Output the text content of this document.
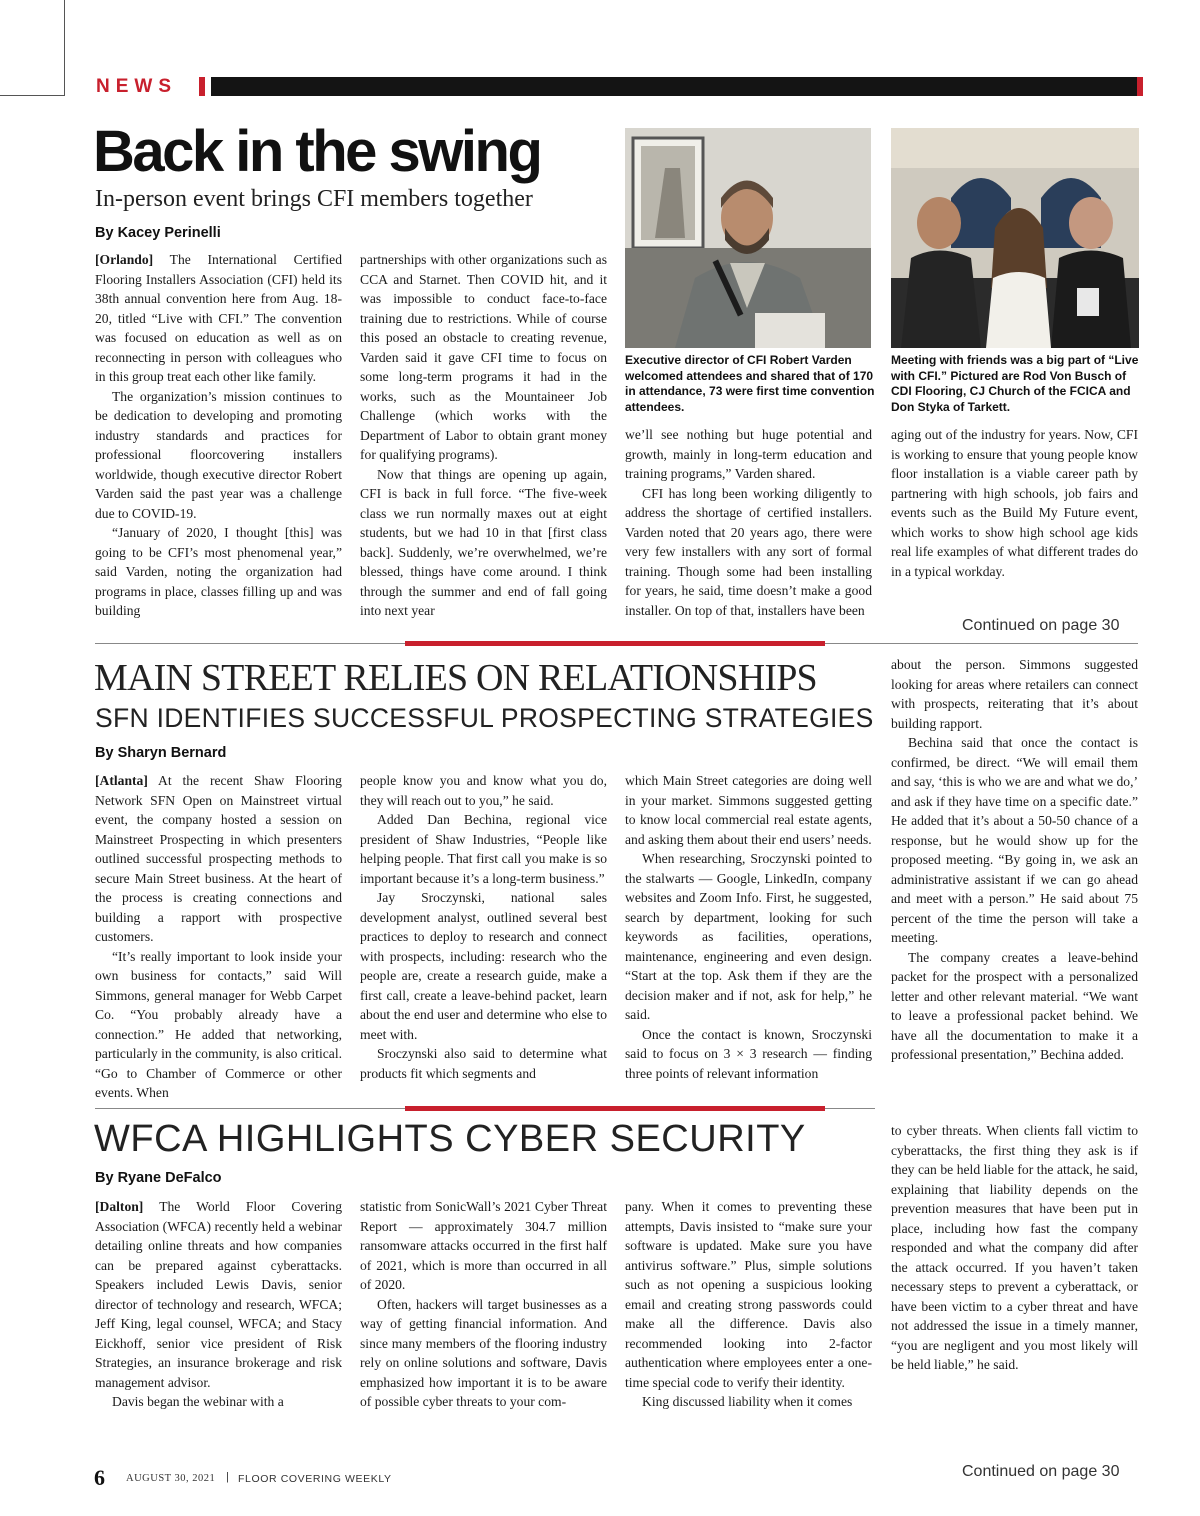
NEWS
Back in the swing
In-person event brings CFI members together
By Kacey Perinelli

[Orlando] The International Certified Flooring Installers Association (CFI) held its 38th annual convention here from Aug. 18-20, titled “Live with CFI.” The convention was focused on education as well as on reconnecting in person with colleagues who in this group treat each other like family.

The organization’s mission continues to be dedication to developing and promoting industry standards and practices for professional floorcovering installers worldwide, though executive director Robert Varden said the past year was a challenge due to COVID-19.

“January of 2020, I thought [this] was going to be CFI’s most phenomenal year,” said Varden, noting the organization had programs in place, classes filling up and was building

partnerships with other organizations such as CCA and Starnet. Then COVID hit, and it was impossible to conduct face-to-face training due to restrictions. While of course this posed an obstacle to creating revenue, Varden said it gave CFI time to focus on some long-term programs it had in the works, such as the Mountaineer Job Challenge (which works with the Department of Labor to obtain grant money for qualifying programs).

Now that things are opening up again, CFI is back in full force. “The five-week class we run normally maxes out at eight students, but we had 10 in that [first class back]. Suddenly, we’re overwhelmed, we’re blessed, things have come around. I think through the summer and end of fall going into next year

Executive director of CFI Robert Varden welcomed attendees and shared that of 170 in attendance, 73 were first time convention attendees.
Meeting with friends was a big part of “Live with CFI.” Pictured are Rod Von Busch of CDI Flooring, CJ Church of the FCICA and Don Styka of Tarkett.

we’ll see nothing but huge potential and growth, mainly in long-term education and training programs,” Varden shared.

CFI has long been working diligently to address the shortage of certified installers. Varden noted that 20 years ago, there were very few installers with any sort of formal training. Though some had been installing for years, he said, time doesn’t make a good installer. On top of that, installers have been

aging out of the industry for years. Now, CFI is working to ensure that young people know floor installation is a viable career path by partnering with high schools, job fairs and events such as the Build My Future event, which works to show high school age kids real life examples of what different trades do in a typical workday.

Continued on page 30
MAIN STREET RELIES ON RELATIONSHIPS
SFN IDENTIFIES SUCCESSFUL PROSPECTING STRATEGIES
By Sharyn Bernard

[Atlanta] At the recent Shaw Flooring Network SFN Open on Mainstreet virtual event, the company hosted a session on Mainstreet Prospecting in which presenters outlined successful prospecting methods to secure Main Street business. At the heart of the process is creating connections and building a rapport with prospective customers.

“It’s really important to look inside your own business for contacts,” said Will Simmons, general manager for Webb Carpet Co. “You probably already have a connection.” He added that networking, particularly in the community, is also critical. “Go to Chamber of Commerce or other events. When

people know you and know what you do, they will reach out to you,” he said.

Added Dan Bechina, regional vice president of Shaw Industries, “People like helping people. That first call you make is so important because it’s a long-term business.”

Jay Sroczynski, national sales development analyst, outlined several best practices to deploy to research and connect with prospects, including: research who the people are, create a research guide, make a first call, create a leave-behind packet, learn about the end user and determine who else to meet with.

Sroczynski also said to determine what products fit which segments and

which Main Street categories are doing well in your market. Simmons suggested getting to know local commercial real estate agents, and asking them about their end users’ needs.

When researching, Sroczynski pointed to the stalwarts — Google, LinkedIn, company websites and Zoom Info. First, he suggested, search by department, looking for such keywords as facilities, operations, maintenance, engineering and even design. “Start at the top. Ask them if they are the decision maker and if not, ask for help,” he said.

Once the contact is known, Sroczynski said to focus on 3 × 3 research — finding three points of relevant information

about the person. Simmons suggested looking for areas where retailers can connect with prospects, reiterating that it’s about building rapport.

Bechina said that once the contact is confirmed, be direct. “We will email them and say, ‘this is who we are and what we do,’ and ask if they have time on a specific date.” He added that it’s about a 50-50 chance of a response, but he would show up for the proposed meeting. “By going in, we ask an administrative assistant if we can go ahead and meet with a person.” He said about 75 percent of the time the person will take a meeting.

The company creates a leave-behind packet for the prospect with a personalized letter and other relevant material. “We want to leave a professional packet behind. We have all the documentation to make it a professional presentation,” Bechina added.

WFCA HIGHLIGHTS CYBER SECURITY
By Ryane DeFalco

[Dalton] The World Floor Covering Association (WFCA) recently held a webinar detailing online threats and how companies can be prepared against cyberattacks. Speakers included Lewis Davis, senior director of technology and research, WFCA; Jeff King, legal counsel, WFCA; and Stacy Eickhoff, senior vice president of Risk Strategies, an insurance brokerage and risk management advisor.

Davis began the webinar with a

statistic from SonicWall’s 2021 Cyber Threat Report — approximately 304.7 million ransomware attacks occurred in the first half of 2021, which is more than occurred in all of 2020.

Often, hackers will target businesses as a way of getting financial information. And since many members of the flooring industry rely on online solutions and software, Davis emphasized how important it is to be aware of possible cyber threats to your com-

pany. When it comes to preventing these attempts, Davis insisted to “make sure your software is updated. Make sure you have antivirus software.” Plus, simple solutions such as not opening a suspicious looking email and creating strong passwords could make all the difference. Davis also recommended looking into 2-factor authentication where employees enter a one-time special code to verify their identity.

King discussed liability when it comes

to cyber threats. When clients fall victim to cyberattacks, the first thing they ask is if they can be held liable for the attack, he said, explaining that liability depends on the prevention measures that have been put in place, including how fast the company responded and what the company did after the attack occurred. If you haven’t taken necessary steps to prevent a cyberattack, or have been victim to a cyber threat and have not addressed the issue in a timely manner, “you are negligent and you most likely will be held liable,” he said.

Continued on page 30
6 AUGUST 30, 2021 | FLOOR COVERING WEEKLY
